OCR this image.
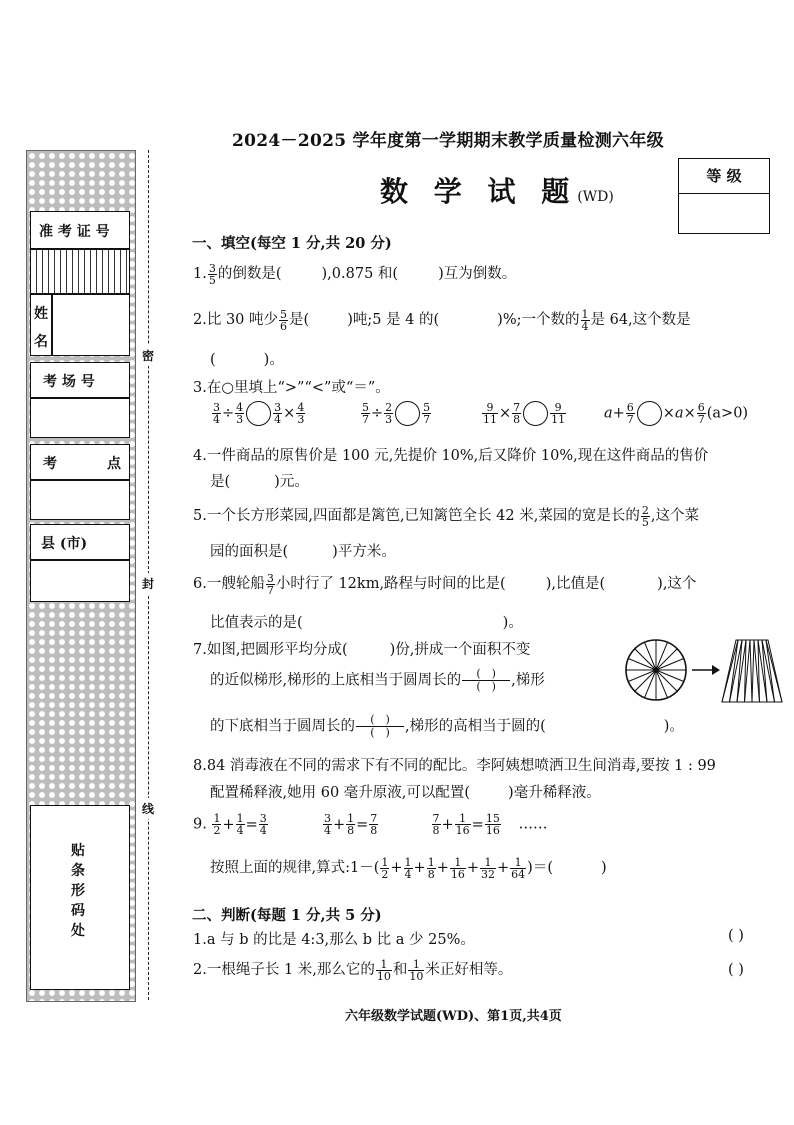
准 考 证 号
姓
名
考 场 号
考	点
县 (市)
贴条形码处
密
封
线
2024－2025 学年度第一学期期末教学质量检测六年级
数 学 试 题(WD)
等 级
一、填空(每空 1 分,共 20 分)
1. $\frac{3}{5}$ 的倒数是(	),0.875 和(	)互为倒数。
2.比 30 吨少 $\frac{5}{6}$ 是(	)吨;5 是 4 的(	)%;一个数的 $\frac{1}{4}$ 是 64,这个数是
(	)。
3.在○里填上“>”“<”或“＝”。
$\frac{3}{4} \div \frac{4}{3}$	$\frac{3}{4} \times \frac{4}{3}$	$\frac{5}{7} \div \frac{2}{3}$	$\frac{5}{7}$	$\frac{9}{11} \times \frac{7}{8}$	$\frac{9}{11}$	$a+ \frac{6}{7} \times a\times \frac{6}{7} (a>0)$
4.一件商品的原售价是 100 元,先提价 10%,后又降价 10%,现在这件商品的售价
是(	)元。
5.一个长方形菜园,四面都是篱笆,已知篱笆全长 42 米,菜园的宽是长的 $\frac{2}{5}$ ,这个菜
园的面积是(	)平方米。
6.一艘轮船 $\frac{3}{7}$ 小时行了 12km,路程与时间的比是(	),比值是(	),这个
比值表示的是(	)。
7.如图,把圆形平均分成(	)份,拼成一个面积不变
的近似梯形,梯形的上底相当于圆周长的 $\frac{( )}{( )}$ ,梯形
的下底相当于圆周长的 $\frac{( )}{( )}$ ,梯形的高相当于圆的(	)。
8.84 消毒液在不同的需求下有不同的配比。李阿姨想喷洒卫生间消毒,要按 1 : 99
配置稀释液,她用 60 毫升原液,可以配置(	)毫升稀释液。
9. $\frac{1}{2} + \frac{1}{4} = \frac{3}{4}$
	$\frac{3}{4} + \frac{1}{8} = \frac{7}{8}$
	$\frac{7}{8} + \frac{1}{16} = \frac{15}{16}$ ……
按照上面的规律,算式:1－( $\frac{1}{2} + \frac{1}{4} + \frac{1}{8} + \frac{1}{16} + \frac{1}{32} + \frac{1}{64}$ )＝(	)
二、判断(每题 1 分,共 5 分)
1.a 与 b 的比是 4:3,那么 b 比 a 少 25%。	( )
2.一根绳子长 1 米,那么它的 $\frac{1}{10}$ 和 $\frac{1}{10}$ 米正好相等。	( )
六年级数学试题(WD)、第1页,共4页
